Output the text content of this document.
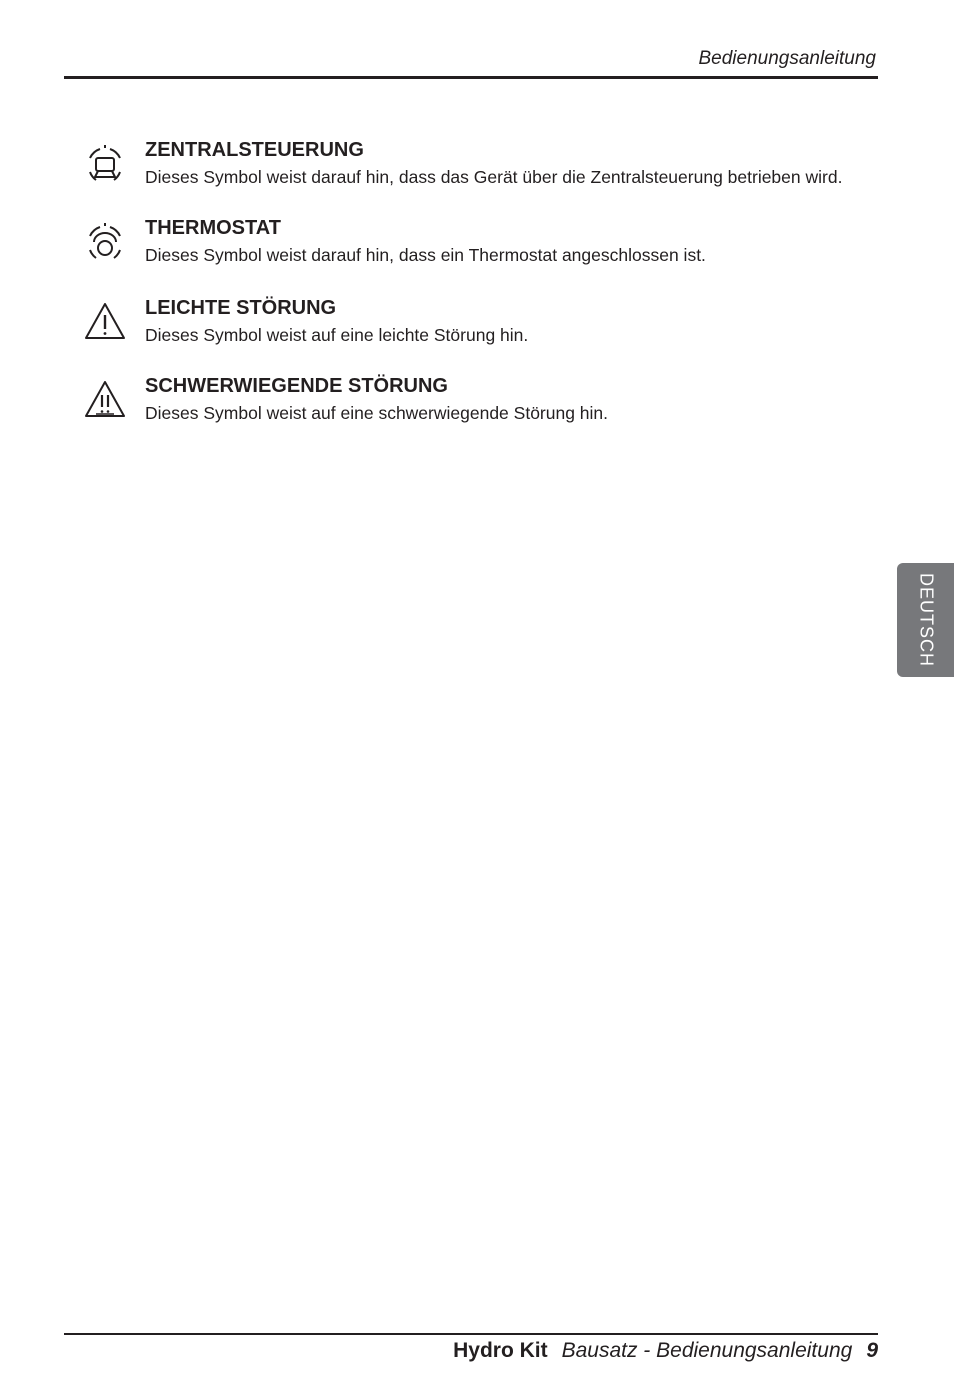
Bedienungsanleitung
ZENTRALSTEUERUNG
Dieses Symbol weist darauf hin, dass das Gerät über die Zentralsteuerung betrieben wird.
THERMOSTAT
Dieses Symbol weist darauf hin, dass ein Thermostat angeschlossen ist.
LEICHTE STÖRUNG
Dieses Symbol weist auf eine leichte Störung hin.
SCHWERWIEGENDE STÖRUNG
Dieses Symbol weist auf eine schwerwiegende Störung hin.
DEUTSCH
Hydro Kit Bausatz - Bedienungsanleitung 9
